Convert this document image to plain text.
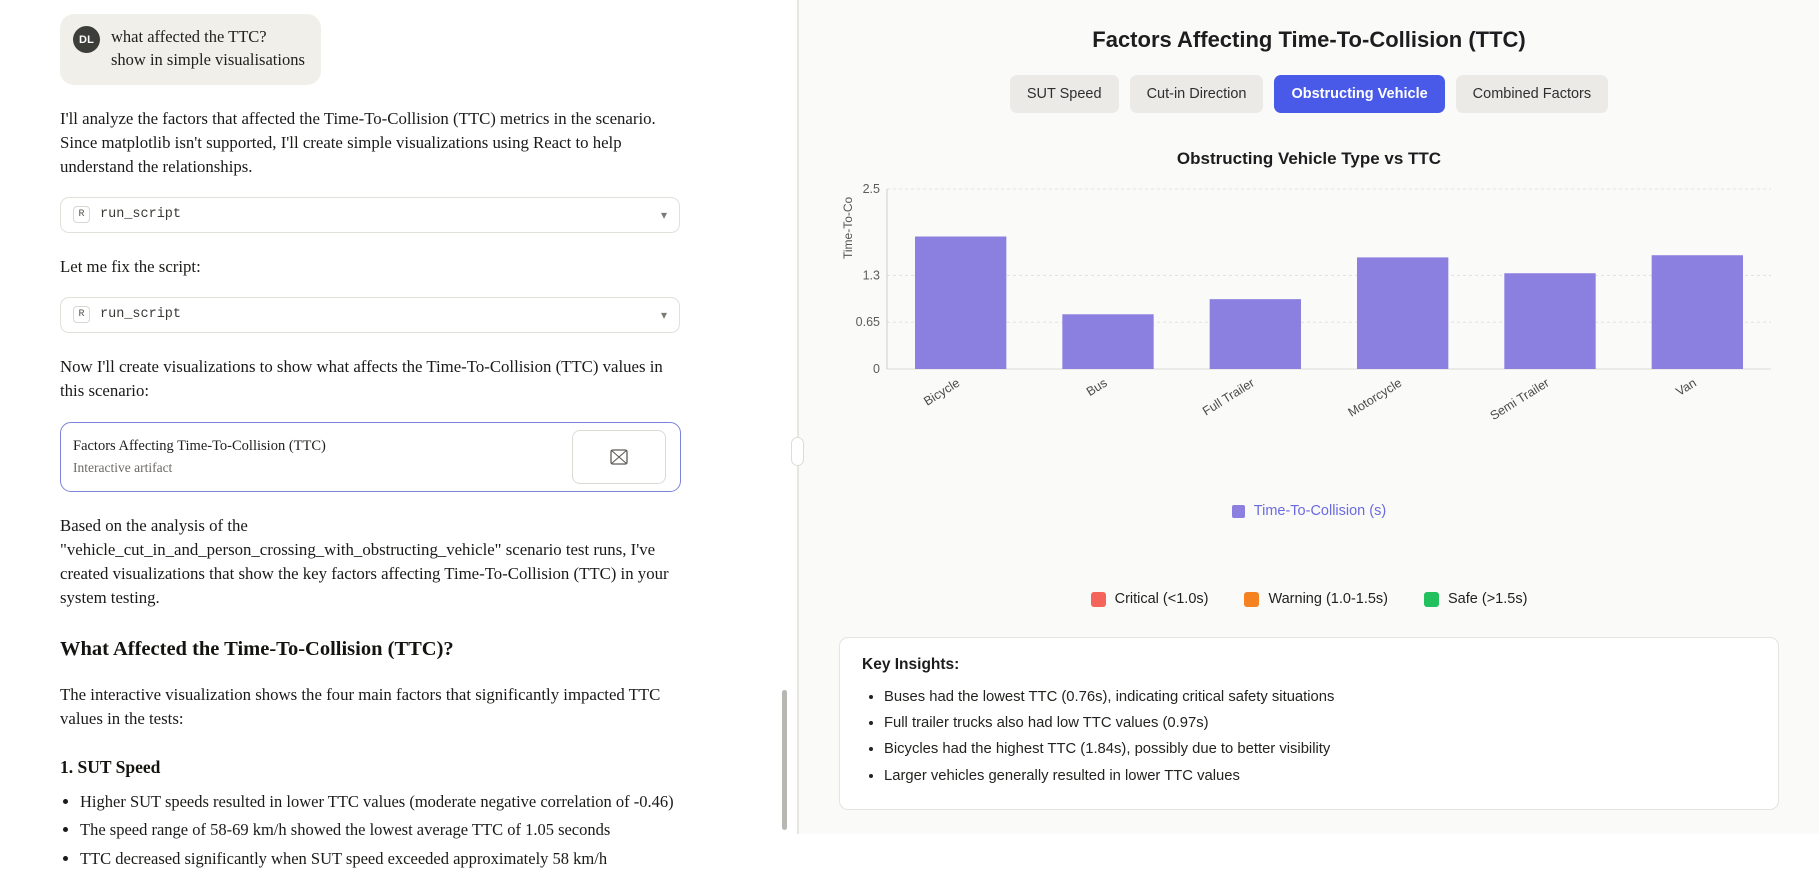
DL	what affected the TTC?
show in simple visualisations

I'll analyze the factors that affected the Time-To-Collision (TTC) metrics in the scenario. Since matplotlib isn't supported, I'll create simple visualizations using React to help understand the relationships.

R	run_script	▾

Let me fix the script:

R	run_script	▾

Now I'll create visualizations to show what affects the Time-To-Collision (TTC) values in this scenario:

Factors Affecting Time-To-Collision (TTC)
Interactive artifact

Based on the analysis of the "vehicle_cut_in_and_person_crossing_with_obstructing_vehicle" scenario test runs, I've created visualizations that show the key factors affecting Time-To-Collision (TTC) in your system testing.

What Affected the Time-To-Collision (TTC)?

The interactive visualization shows the four main factors that significantly impacted TTC values in the tests:

1. SUT Speed
• Higher SUT speeds resulted in lower TTC values (moderate negative correlation of -0.46)
• The speed range of 58-69 km/h showed the lowest average TTC of 1.05 seconds
• TTC decreased significantly when SUT speed exceeded approximately 58 km/h
Factors Affecting Time-To-Collision (TTC)
SUT Speed	Cut-in Direction	Obstructing Vehicle	Combined Factors
Obstructing Vehicle Type vs TTC
Time-To-Co
0
0.65
1.3
2.5
Bicycle	Bus	Full Trailer	Motorcycle	Semi Trailer	Van
Time-To-Collision (s)
Critical (<1.0s)	Warning (1.0-1.5s)	Safe (>1.5s)
Key Insights:
• Buses had the lowest TTC (0.76s), indicating critical safety situations
• Full trailer trucks also had low TTC values (0.97s)
• Bicycles had the highest TTC (1.84s), possibly due to better visibility
• Larger vehicles generally resulted in lower TTC values
